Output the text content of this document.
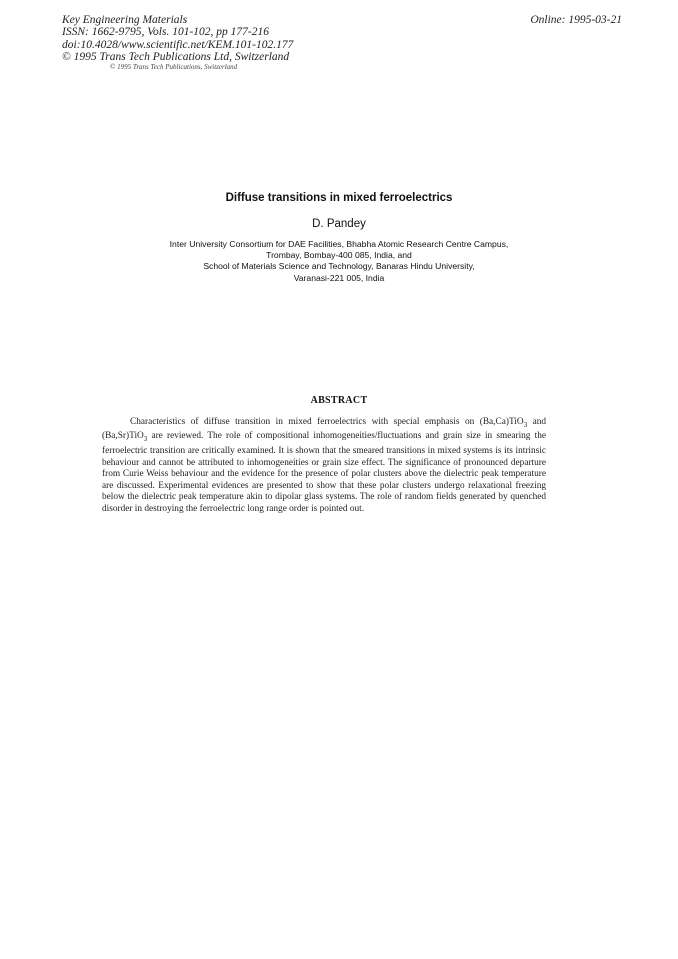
Key Engineering Materials
ISSN: 1662-9795, Vols. 101-102, pp 177-216
doi:10.4028/www.scientific.net/KEM.101-102.177
© 1995 Trans Tech Publications Ltd, Switzerland
© 1995 Trans Tech Publications, Switzerland
Online: 1995-03-21
Diffuse transitions in mixed ferroelectrics
D. Pandey
Inter University Consortium for DAE Facilities, Bhabha Atomic Research Centre Campus,
Trombay, Bombay-400 085, India, and
School of Materials Science and Technology, Banaras Hindu University,
Varanasi-221 005, India
ABSTRACT

Characteristics of diffuse transition in mixed ferroelectrics with special emphasis on (Ba,Ca)TiO$_3$ and (Ba,Sr)TiO$_3$ are reviewed. The role of compositional inhomogeneities/fluctuations and grain size in smearing the ferroelectric transition are critically examined. It is shown that the smeared transitions in mixed systems is its intrinsic behaviour and cannot be attributed to inhomogeneities or grain size effect. The significance of pronounced departure from Curie Weiss behaviour and the evidence for the presence of polar clusters above the dielectric peak temperature are discussed. Experimental evidences are presented to show that these polar clusters undergo relaxational freezing below the dielectric peak temperature akin to dipolar glass systems. The role of random fields generated by quenched disorder in destroying the ferroelectric long range order is pointed out.
